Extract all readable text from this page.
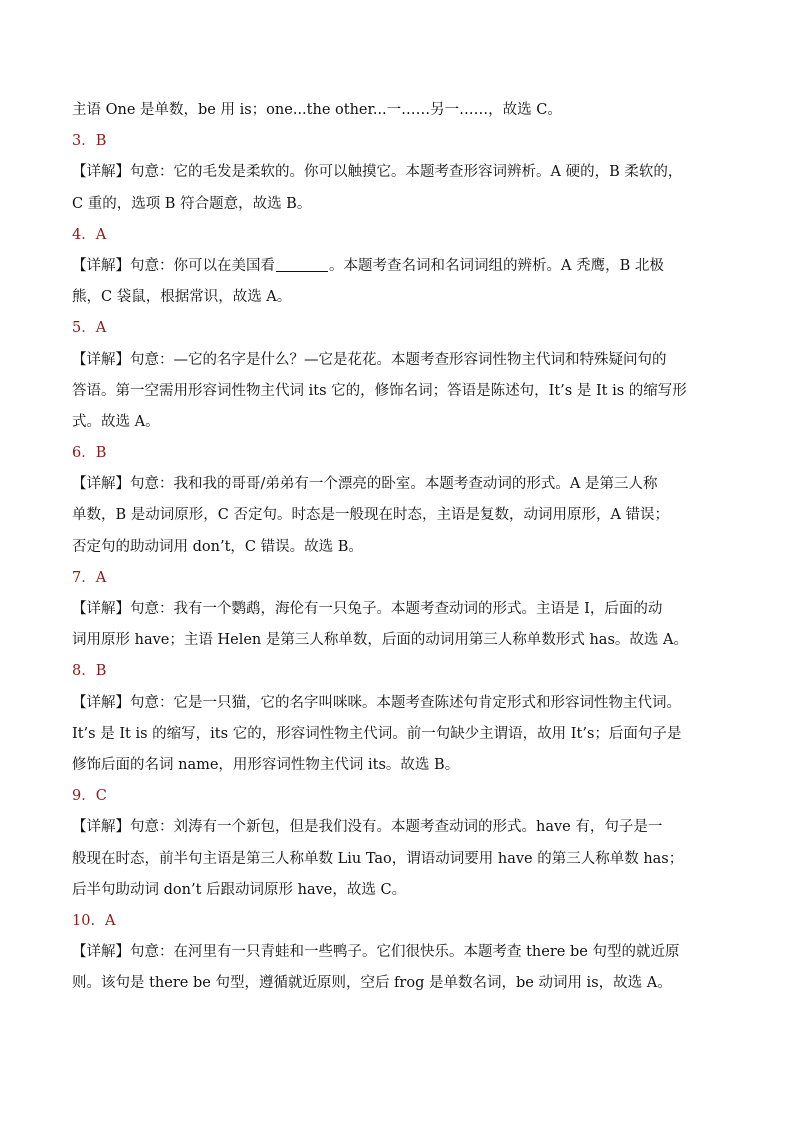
主语 One 是单数，be 用 is；one...the other...一……另一……，故选 C。
3．B
【详解】句意：它的毛发是柔软的。你可以触摸它。本题考查形容词辨析。A 硬的，B 柔软的，
C 重的，选项 B 符合题意，故选 B。
4．A
【详解】句意：你可以在美国看	。本题考查名词和名词词组的辨析。A 秃鹰，B 北极
熊，C 袋鼠，根据常识，故选 A。
5．A
【详解】句意：—它的名字是什么？—它是花花。本题考查形容词性物主代词和特殊疑问句的
答语。第一空需用形容词性物主代词 its 它的，修饰名词；答语是陈述句，It’s 是 It is 的缩写形
式。故选 A。
6．B
【详解】句意：我和我的哥哥/弟弟有一个漂亮的卧室。本题考查动词的形式。A 是第三人称
单数，B 是动词原形，C 否定句。时态是一般现在时态，主语是复数，动词用原形，A 错误；
否定句的助动词用 don’t，C 错误。故选 B。
7．A
【详解】句意：我有一个鹦鹉，海伦有一只兔子。本题考查动词的形式。主语是 I，后面的动
词用原形 have；主语 Helen 是第三人称单数，后面的动词用第三人称单数形式 has。故选 A。
8．B
【详解】句意：它是一只猫，它的名字叫咪咪。本题考查陈述句肯定形式和形容词性物主代词。
It’s 是 It is 的缩写，its 它的，形容词性物主代词。前一句缺少主谓语，故用 It’s；后面句子是
修饰后面的名词 name，用形容词性物主代词 its。故选 B。
9．C
【详解】句意：刘涛有一个新包，但是我们没有。本题考查动词的形式。have 有，句子是一
般现在时态，前半句主语是第三人称单数 Liu Tao，谓语动词要用 have 的第三人称单数 has；
后半句助动词 don’t 后跟动词原形 have，故选 C。
10．A
【详解】句意：在河里有一只青蛙和一些鸭子。它们很快乐。本题考查 there be 句型的就近原
则。该句是 there be 句型，遵循就近原则，空后 frog 是单数名词，be 动词用 is，故选 A。
